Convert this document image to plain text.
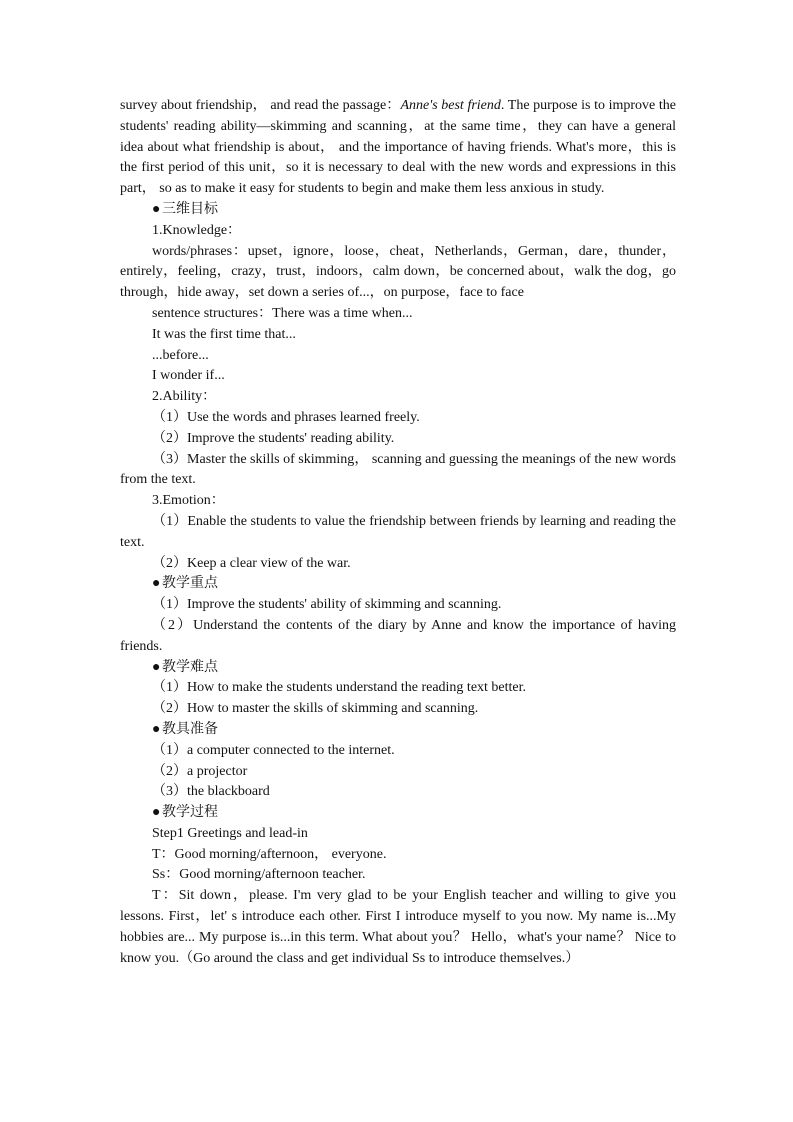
survey about friendship， and read the passage：Anne's best friend. The purpose is to improve the students' reading ability—skimming and scanning，at the same time，they can have a general idea about what friendship is about， and the importance of having friends. What's more，this is the first period of this unit，so it is necessary to deal with the new words and expressions in this part， so as to make it easy for students to begin and make them less anxious in study.

● 三维目标

1.Knowledge：

words/phrases：upset，ignore，loose，cheat，Netherlands，German，dare，thunder，entirely，feeling，crazy，trust，indoors，calm down，be concerned about，walk the dog，go through，hide away，set down a series of...，on purpose，face to face

sentence structures：There was a time when...

It was the first time that...

...before...

I wonder if...

2.Ability：

（1）Use the words and phrases learned freely.

（2）Improve the students' reading ability.

（3）Master the skills of skimming， scanning and guessing the meanings of the new words from the text.

3.Emotion：

（1）Enable the students to value the friendship between friends by learning and reading the text.

（2）Keep a clear view of the war.

● 教学重点

（1）Improve the students' ability of skimming and scanning.

（2）Understand the contents of the diary by Anne and know the importance of having friends.

● 教学难点

（1）How to make the students understand the reading text better.

（2）How to master the skills of skimming and scanning.

● 教具准备

（1）a computer connected to the internet.

（2）a projector

（3）the blackboard

● 教学过程

Step1 Greetings and lead-in

T：Good morning/afternoon， everyone.

Ss：Good morning/afternoon teacher.

T：Sit down，please. I'm very glad to be your English teacher and willing to give you lessons. First，let' s introduce each other. First I introduce myself to you now. My name is...My hobbies are... My purpose is...in this term. What about you？ Hello，what's your name？ Nice to know you.（Go around the class and get individual Ss to introduce themselves.）
